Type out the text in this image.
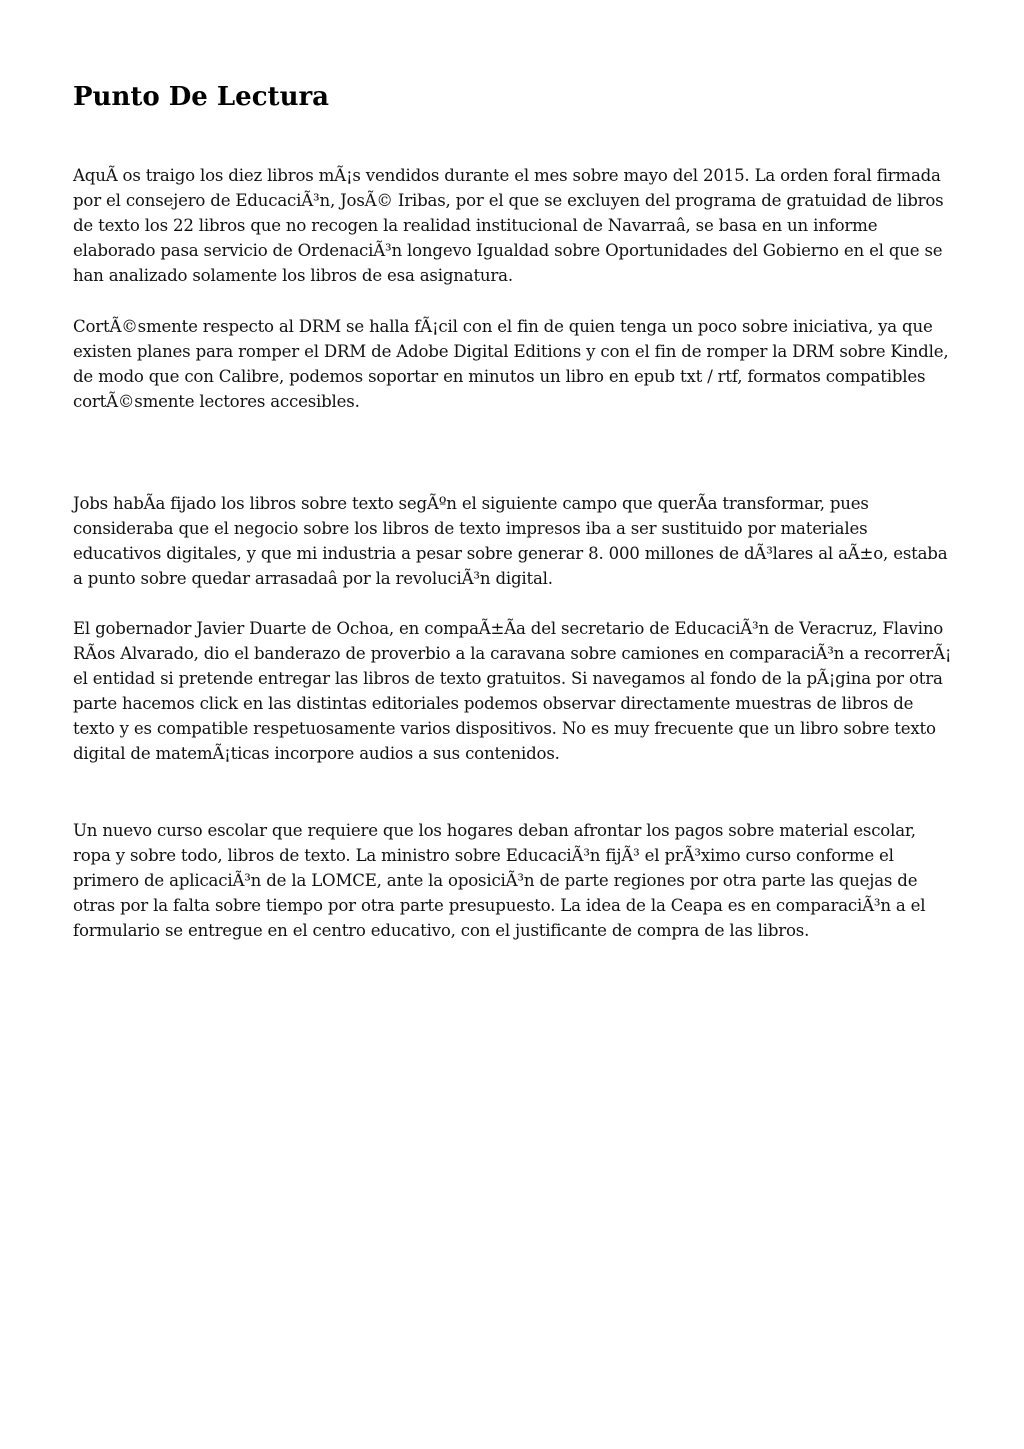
Punto De Lectura

AquÃ os traigo los diez libros mÃ¡s vendidos durante el mes sobre mayo del 2015. La orden foral firmada por el consejero de EducaciÃ³n, JosÃ© Iribas, por el que se excluyen del programa de gratuidad de libros de texto los 22 libros que no recogen la realidad institucional de Navarraâ, se basa en un informe elaborado pasa servicio de OrdenaciÃ³n longevo Igualdad sobre Oportunidades del Gobierno en el que se han analizado solamente los libros de esa asignatura.

CortÃ©smente respecto al DRM se halla fÃ¡cil con el fin de quien tenga un poco sobre iniciativa, ya que existen planes para romper el DRM de Adobe Digital Editions y con el fin de romper la DRM sobre Kindle, de modo que con Calibre, podemos soportar en minutos un libro en epub txt / rtf, formatos compatibles cortÃ©smente lectores accesibles.

Jobs habÃa fijado los libros sobre texto segÃºn el siguiente campo que querÃa transformar, pues consideraba que el negocio sobre los libros de texto impresos iba a ser sustituido por materiales educativos digitales, y que mi industria a pesar sobre generar 8. 000 millones de dÃ³lares al aÃ±o, estaba a punto sobre quedar arrasadaâ por la revoluciÃ³n digital.

El gobernador Javier Duarte de Ochoa, en compaÃ±Ãa del secretario de EducaciÃ³n de Veracruz, Flavino RÃos Alvarado, dio el banderazo de proverbio a la caravana sobre camiones en comparaciÃ³n a recorrerÃ¡ el entidad si pretende entregar las libros de texto gratuitos. Si navegamos al fondo de la pÃ¡gina por otra parte hacemos click en las distintas editoriales podemos observar directamente muestras de libros de texto y es compatible respetuosamente varios dispositivos. No es muy frecuente que un libro sobre texto digital de matemÃ¡ticas incorpore audios a sus contenidos.

Un nuevo curso escolar que requiere que los hogares deban afrontar los pagos sobre material escolar, ropa y sobre todo, libros de texto. La ministro sobre EducaciÃ³n fijÃ³ el prÃ³ximo curso conforme el primero de aplicaciÃ³n de la LOMCE, ante la oposiciÃ³n de parte regiones por otra parte las quejas de otras por la falta sobre tiempo por otra parte presupuesto. La idea de la Ceapa es en comparaciÃ³n a el formulario se entregue en el centro educativo, con el justificante de compra de las libros.
